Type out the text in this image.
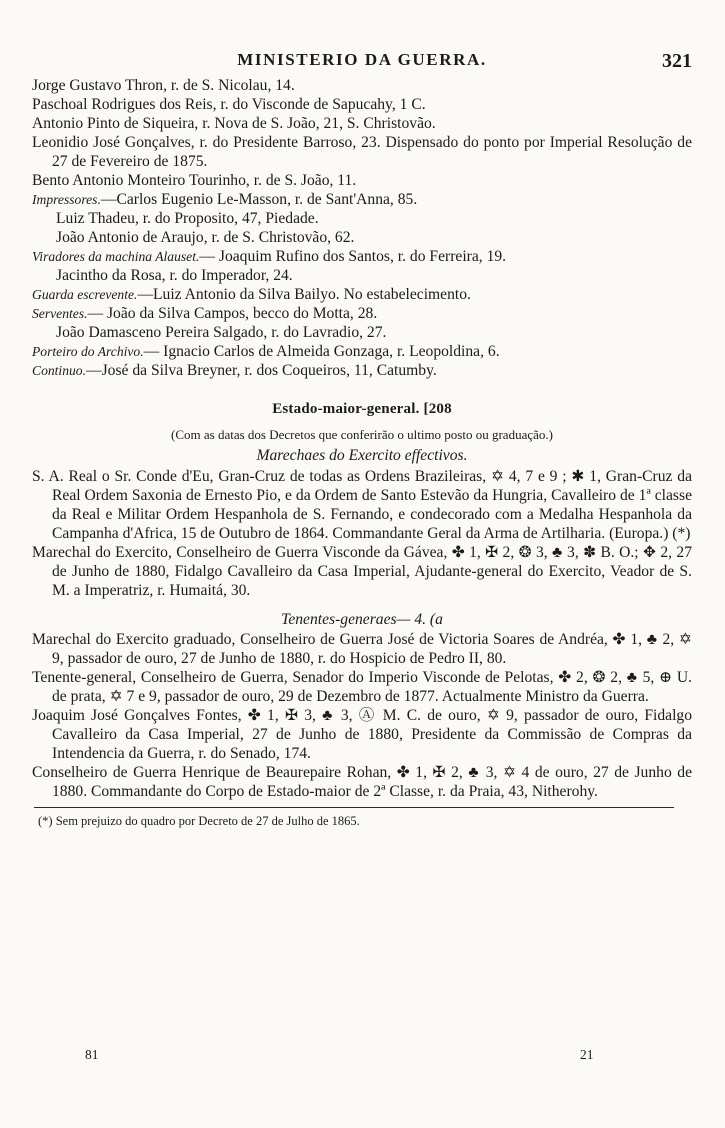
MINISTERIO DA GUERRA.	321

Jorge Gustavo Thron, r. de S. Nicolau, 14.

Paschoal Rodrigues dos Reis, r. do Visconde de Sapucahy, 1 C.

Antonio Pinto de Siqueira, r. Nova de S. João, 21, S. Christovão.

Leonidio José Gonçalves, r. do Presidente Barroso, 23. Dispensado do ponto por Imperial Resolução de 27 de Fevereiro de 1875.

Bento Antonio Monteiro Tourinho, r. de S. João, 11.

Impressores.—Carlos Eugenio Le-Masson, r. de Sant'Anna, 85.

Luiz Thadeu, r. do Proposito, 47, Piedade.

João Antonio de Araujo, r. de S. Christovão, 62.

Viradores da machina Alauset.— Joaquim Rufino dos Santos, r. do Ferreira, 19.

Jacintho da Rosa, r. do Imperador, 24.

Guarda escrevente.—Luiz Antonio da Silva Bailyo. No estabelecimento.

Serventes.— João da Silva Campos, becco do Motta, 28.

João Damasceno Pereira Salgado, r. do Lavradio, 27.

Porteiro do Archivo.— Ignacio Carlos de Almeida Gonzaga, r. Leopoldina, 6.

Continuo.—José da Silva Breyner, r. dos Coqueiros, 11, Catumby.

Estado-maior-general. [208

(Com as datas dos Decretos que conferirão o ultimo posto ou graduação.)

Marechaes do Exercito effectivos.

S. A. Real o Sr. Conde d'Eu, Gran-Cruz de todas as Ordens Brazileiras, ✡ 4, 7 e 9 ; ✱ 1, Gran-Cruz da Real Ordem Saxonia de Ernesto Pio, e da Ordem de Santo Estevão da Hungria, Cavalleiro de 1ª classe da Real e Militar Ordem Hespanhola de S. Fernando, e condecorado com a Medalha Hespanhola da Campanha d'Africa, 15 de Outubro de 1864. Commandante Geral da Arma de Artilharia. (Europa.) (*)

Marechal do Exercito, Conselheiro de Guerra Visconde da Gávea, ✤ 1, ✠ 2, ❂ 3, ♣ 3, ✽ B. O.; ✥ 2, 27 de Junho de 1880, Fidalgo Cavalleiro da Casa Imperial, Ajudante-general do Exercito, Veador de S. M. a Imperatriz, r. Humaitá, 30.

Tenentes-generaes— 4. (a

Marechal do Exercito graduado, Conselheiro de Guerra José de Victoria Soares de Andréa, ✤ 1, ♣ 2, ✡ 9, passador de ouro, 27 de Junho de 1880, r. do Hospicio de Pedro II, 80.

Tenente-general, Conselheiro de Guerra, Senador do Imperio Visconde de Pelotas, ✤ 2, ❂ 2, ♣ 5, ⊕ U. de prata, ✡ 7 e 9, passador de ouro, 29 de Dezembro de 1877. Actualmente Ministro da Guerra.

Joaquim José Gonçalves Fontes, ✤ 1, ✠ 3, ♣ 3, Ⓐ M. C. de ouro, ✡ 9, passador de ouro, Fidalgo Cavalleiro da Casa Imperial, 27 de Junho de 1880, Presidente da Commissão de Compras da Intendencia da Guerra, r. do Senado, 174.

Conselheiro de Guerra Henrique de Beaurepaire Rohan, ✤ 1, ✠ 2, ♣ 3, ✡ 4 de ouro, 27 de Junho de 1880. Commandante do Corpo de Estado-maior de 2ª Classe, r. da Praia, 43, Nitherohy.

(*) Sem prejuizo do quadro por Decreto de 27 de Julho de 1865.

81	21
